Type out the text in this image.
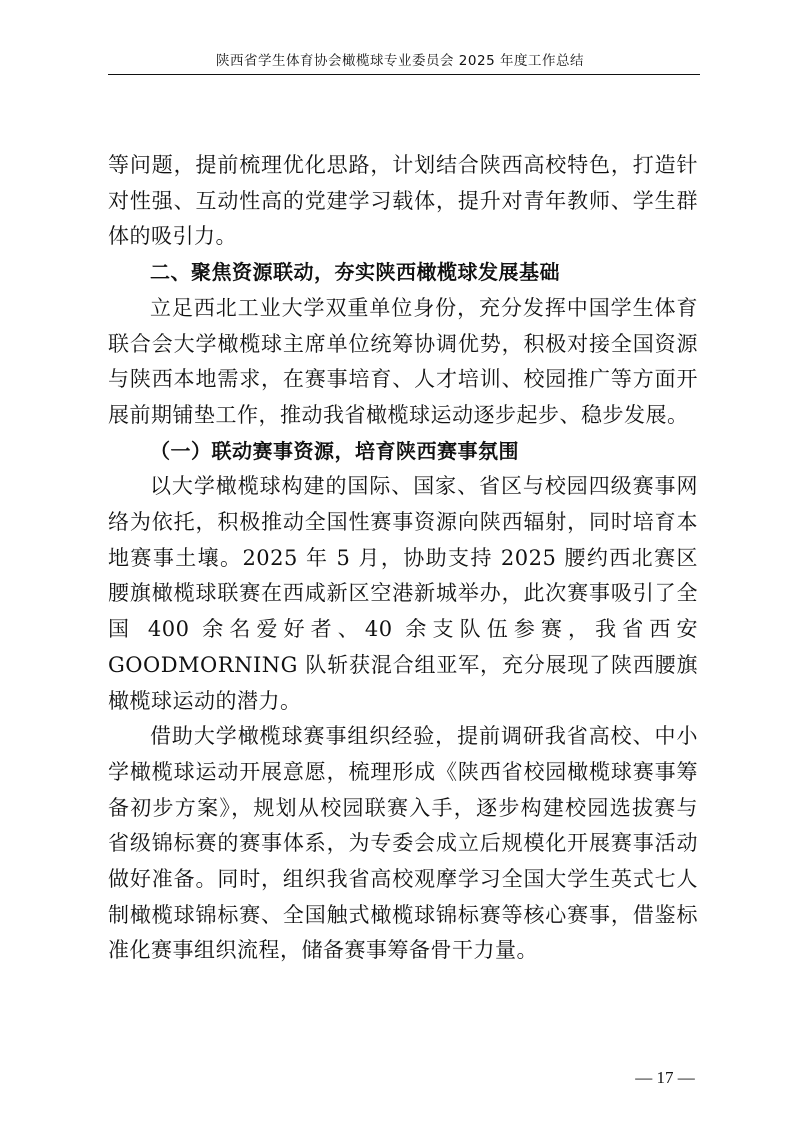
陕西省学生体育协会橄榄球专业委员会 2025 年度工作总结

等问题，提前梳理优化思路，计划结合陕西高校特色，打造针对性强、互动性高的党建学习载体，提升对青年教师、学生群体的吸引力。

二、聚焦资源联动，夯实陕西橄榄球发展基础

立足西北工业大学双重单位身份，充分发挥中国学生体育联合会大学橄榄球主席单位统筹协调优势，积极对接全国资源与陕西本地需求，在赛事培育、人才培训、校园推广等方面开展前期铺垫工作，推动我省橄榄球运动逐步起步、稳步发展。

（一）联动赛事资源，培育陕西赛事氛围

以大学橄榄球构建的国际、国家、省区与校园四级赛事网络为依托，积极推动全国性赛事资源向陕西辐射，同时培育本地赛事土壤。2025 年 5 月，协助支持 2025 腰约西北赛区腰旗橄榄球联赛在西咸新区空港新城举办，此次赛事吸引了全国 400 余名爱好者、40 余支队伍参赛，我省西安 GOODMORNING 队斩获混合组亚军，充分展现了陕西腰旗橄榄球运动的潜力。

借助大学橄榄球赛事组织经验，提前调研我省高校、中小学橄榄球运动开展意愿，梳理形成《陕西省校园橄榄球赛事筹备初步方案》，规划从校园联赛入手，逐步构建校园选拔赛与省级锦标赛的赛事体系，为专委会成立后规模化开展赛事活动做好准备。同时，组织我省高校观摩学习全国大学生英式七人制橄榄球锦标赛、全国触式橄榄球锦标赛等核心赛事，借鉴标准化赛事组织流程，储备赛事筹备骨干力量。

— 17 —
